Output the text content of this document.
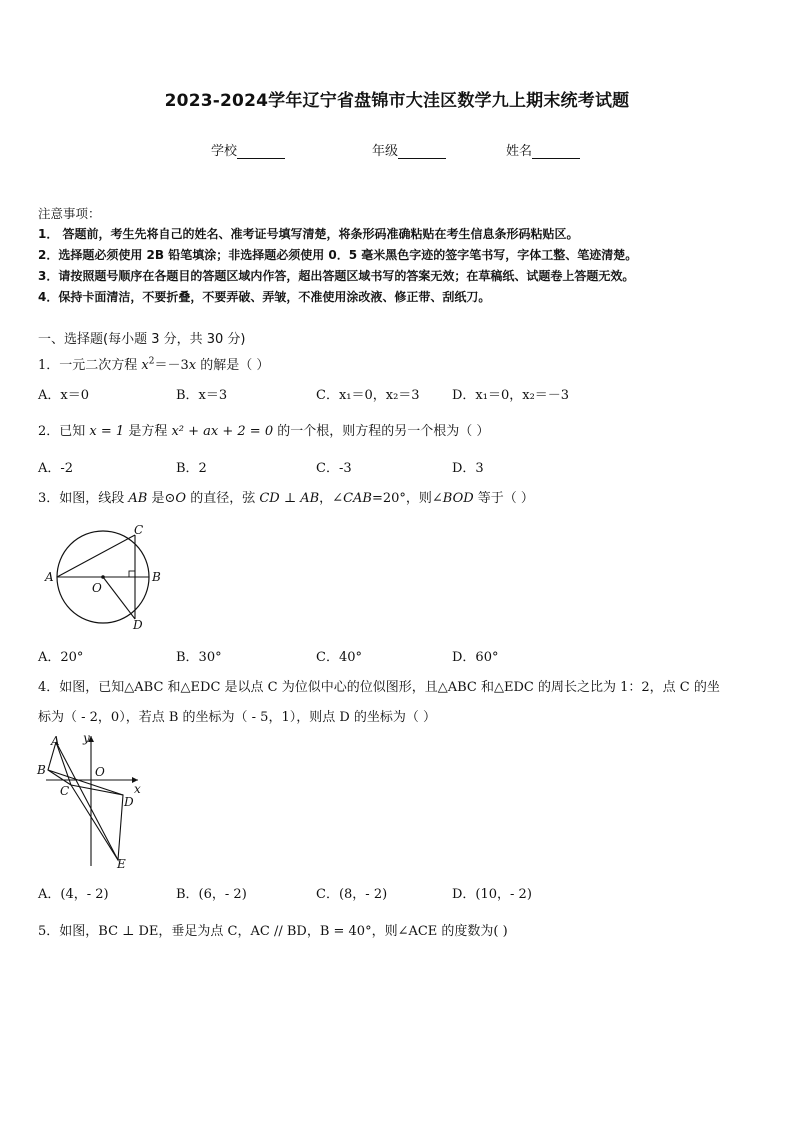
2023-2024学年辽宁省盘锦市大洼区数学九上期末统考试题
学校	年级	姓名
注意事项：
1． 答题前，考生先将自己的姓名、准考证号填写清楚，将条形码准确粘贴在考生信息条形码粘贴区。
2．选择题必须使用 2B 铅笔填涂；非选择题必须使用 0．5 毫米黑色字迹的签字笔书写，字体工整、笔迹清楚。
3．请按照题号顺序在各题目的答题区域内作答，超出答题区域书写的答案无效；在草稿纸、试题卷上答题无效。
4．保持卡面清洁，不要折叠，不要弄破、弄皱，不准使用涂改液、修正带、刮纸刀。
一、选择题(每小题 3 分，共 30 分)
1．一元二次方程 $x^2=-3x$ 的解是（ ）
A．x＝0	B．x＝3	C．x₁＝0，x₂＝3 D．x₁＝0，x₂＝－3
2．已知 x = 1 是方程 x² + ax + 2 = 0 的一个根，则方程的另一个根为（ ）
A．-2	B．2	C．-3	D．3
3．如图，线段 AB 是⊙O 的直径，弦 CD ⊥ AB，∠CAB=20°，则∠BOD 等于（ ）
A	B
C
D
O
A．20°	B．30°	C．40°	D．60°
4．如图，已知△ABC 和△EDC 是以点 C 为位似中心的位似图形，且△ABC 和△EDC 的周长之比为 1：2，点 C 的坐
标为（ - 2，0），若点 B 的坐标为（ - 5，1），则点 D 的坐标为（ ）
A
B
C
D
E
O
x
y
A．(4，- 2)	B．(6，- 2)	C．(8，- 2)	D．(10，- 2)
5．如图，BC ⊥ DE，垂足为点 C，AC // BD，B = 40°，则∠ACE 的度数为( )
